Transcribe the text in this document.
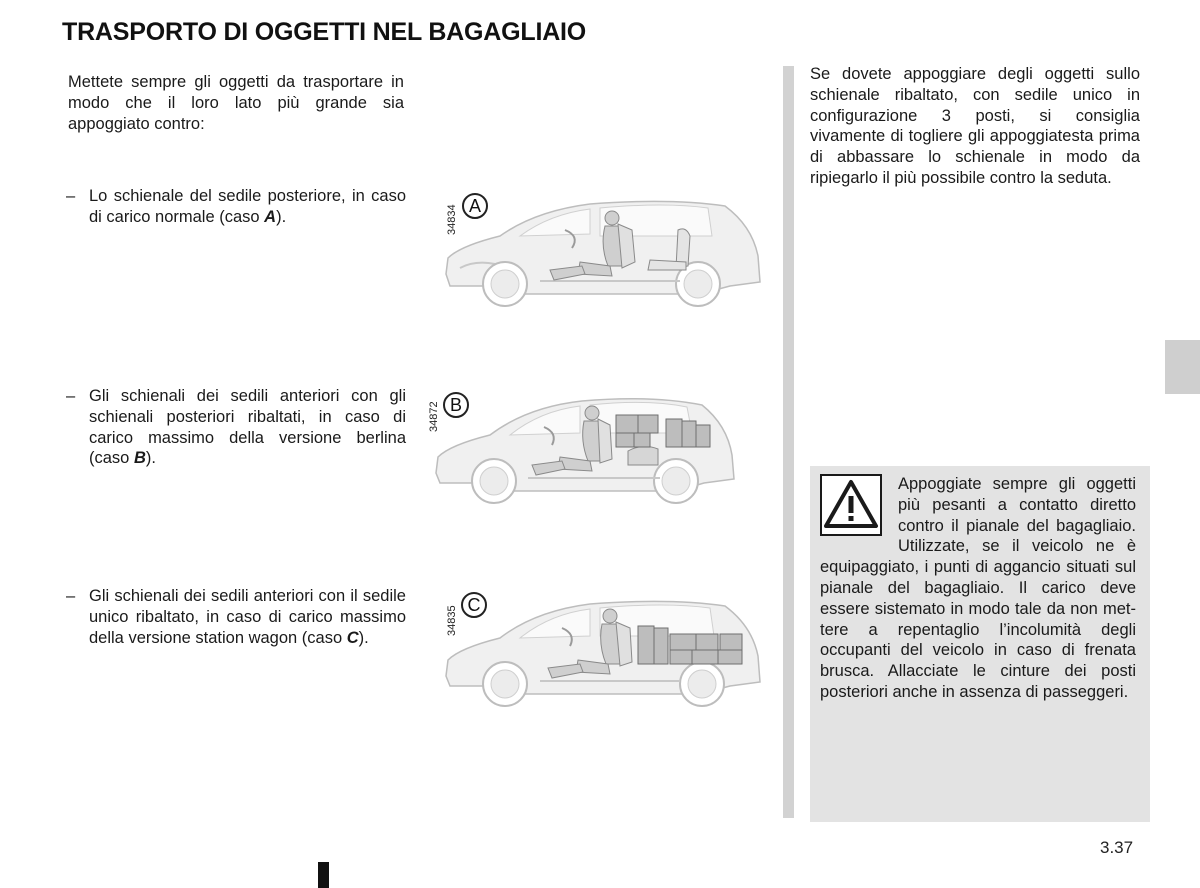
TRASPORTO DI OGGETTI NEL BAGAGLIAIO
Mettete sempre gli oggetti da trasportare in modo che il loro lato più grande sia appoggiato contro:
– Lo schienale del sedile posteriore, in caso di carico normale (caso A).
– Gli schienali dei sedili anteriori con gli schienali posteriori ribaltati, in caso di carico massimo della versione berlina (caso B).
– Gli schienali dei sedili anteriori con il sedile unico ribaltato, in caso di carico massimo della versione station wagon (caso C).
34834 A
34872 B
34835
C
Se dovete appoggiare degli oggetti sullo schienale ribaltato, con sedile unico in configurazione 3 posti, si consiglia vivamente di togliere gli appoggiatesta prima di abbassare lo schienale in modo da ripiegarlo il più possibile contro la seduta.
Appoggiate sempre gli oggetti più pesanti a contatto diretto contro il pianale del bagagliaio. Utilizzate, se il veicolo ne è equipaggiato, i punti di aggancio situati sul pianale del bagagliaio. Il carico deve essere sistemato in modo tale da non mettere a repentaglio l’incolumità degli occupanti del veicolo in caso di frenata brusca. Allacciate le cinture dei posti posteriori anche in assenza di passeggeri.
3.37
